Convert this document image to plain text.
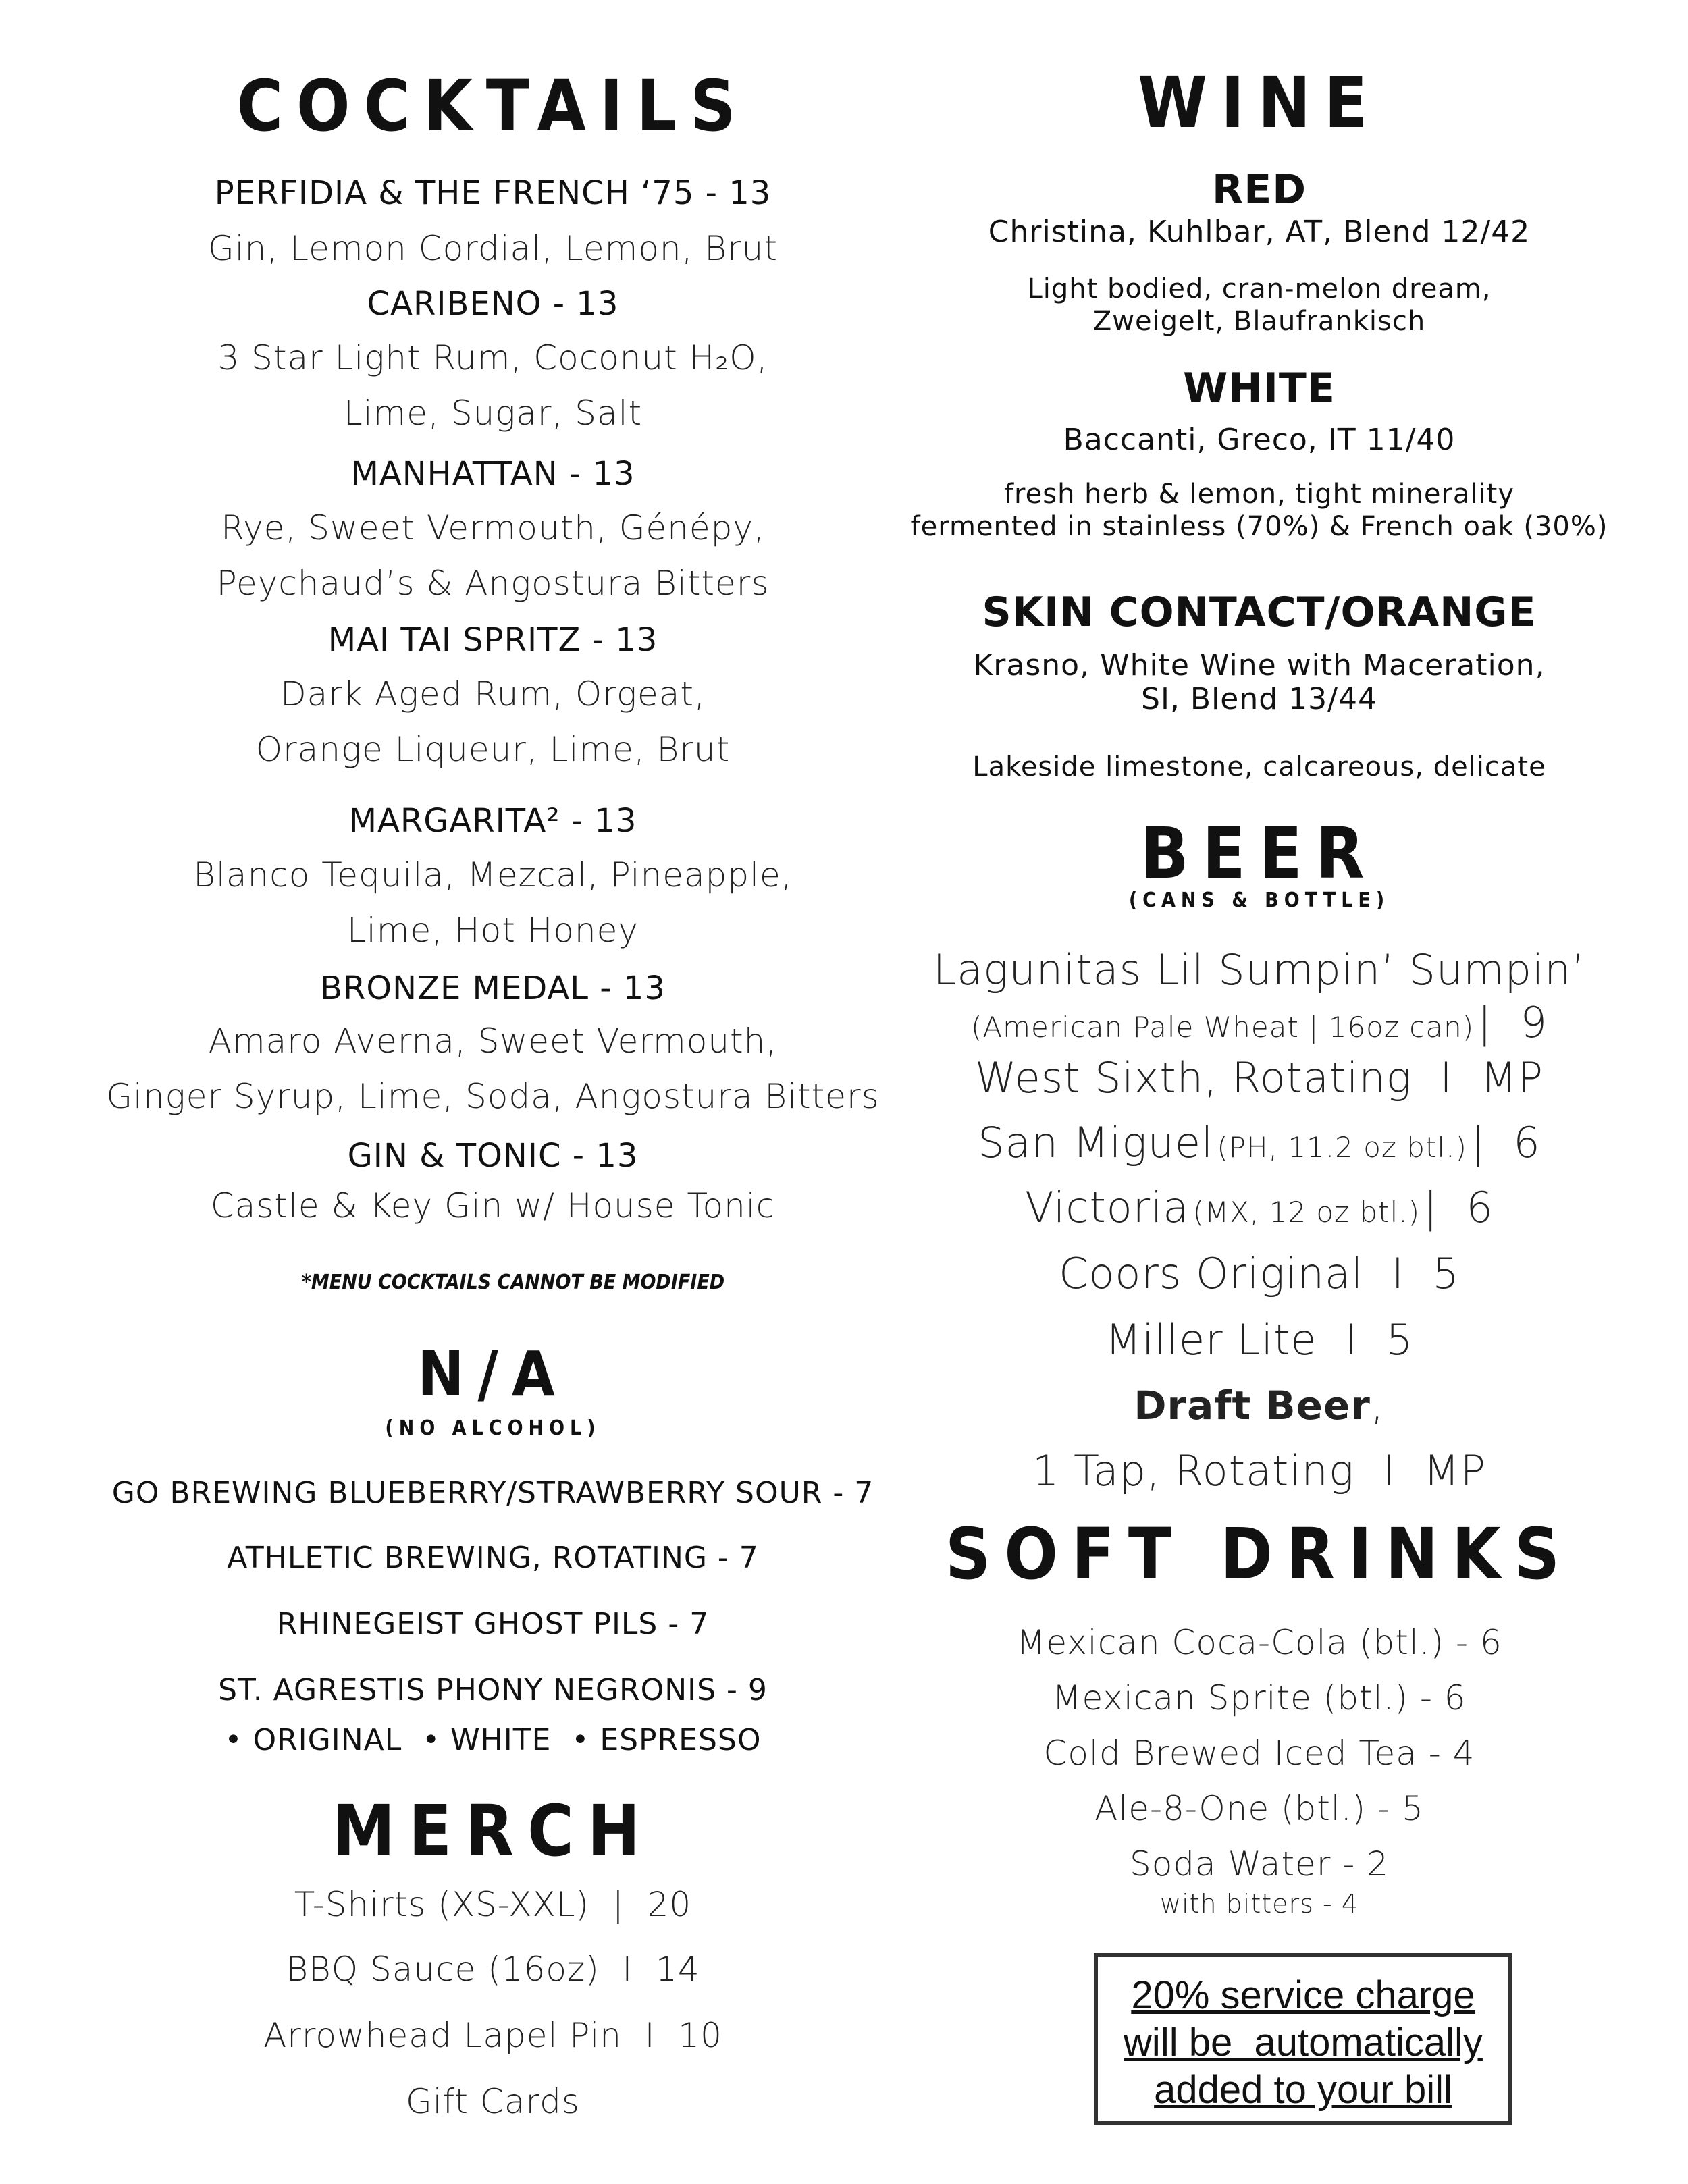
COCKTAILS
PERFIDIA & THE FRENCH ‘75 - 13
Gin, Lemon Cordial, Lemon, Brut
CARIBENO - 13
3 Star Light Rum, Coconut H₂O,
Lime, Sugar, Salt
MANHATTAN - 13
Rye, Sweet Vermouth, Génépy,
Peychaud’s & Angostura Bitters
MAI TAI SPRITZ - 13
Dark Aged Rum, Orgeat,
Orange Liqueur, Lime, Brut
MARGARITA² - 13
Blanco Tequila, Mezcal, Pineapple,
Lime, Hot Honey
BRONZE MEDAL - 13
Amaro Averna, Sweet Vermouth,
Ginger Syrup, Lime, Soda, Angostura Bitters
GIN & TONIC - 13
Castle & Key Gin w/ House Tonic
*MENU COCKTAILS CANNOT BE MODIFIED
N/A
(NO ALCOHOL)
GO BREWING BLUEBERRY/STRAWBERRY SOUR - 7
ATHLETIC BREWING, ROTATING - 7
RHINEGEIST GHOST PILS - 7
ST. AGRESTIS PHONY NEGRONIS - 9
• ORIGINAL  • WHITE  • ESPRESSO
MERCH
T-Shirts (XS-XXL)  |  20
BBQ Sauce (16oz)  I  14
Arrowhead Lapel Pin  I  10
Gift Cards
WINE
RED
Christina, Kuhlbar, AT, Blend 12/42
Light bodied, cran-melon dream,
Zweigelt, Blaufrankisch
WHITE
Baccanti, Greco, IT 11/40
fresh herb & lemon, tight minerality
fermented in stainless (70%) & French oak (30%)
SKIN CONTACT/ORANGE
Krasno, White Wine with Maceration,
SI, Blend 13/44
Lakeside limestone, calcareous, delicate
BEER
(CANS & BOTTLE)
Lagunitas Lil Sumpin’ Sumpin’
(American Pale Wheat | 16oz can) |  9
West Sixth, Rotating  I  MP
San Miguel (PH, 11.2 oz btl.) |  6
Victoria (MX, 12 oz btl.) |  6
Coors Original  I  5
Miller Lite  I  5
Draft Beer,
1 Tap, Rotating  I  MP
SOFT DRINKS
Mexican Coca-Cola (btl.) - 6
Mexican Sprite (btl.) - 6
Cold Brewed Iced Tea - 4
Ale-8-One (btl.) - 5
Soda Water - 2
with bitters - 4
20% service charge
will be  automatically
added to your bill
